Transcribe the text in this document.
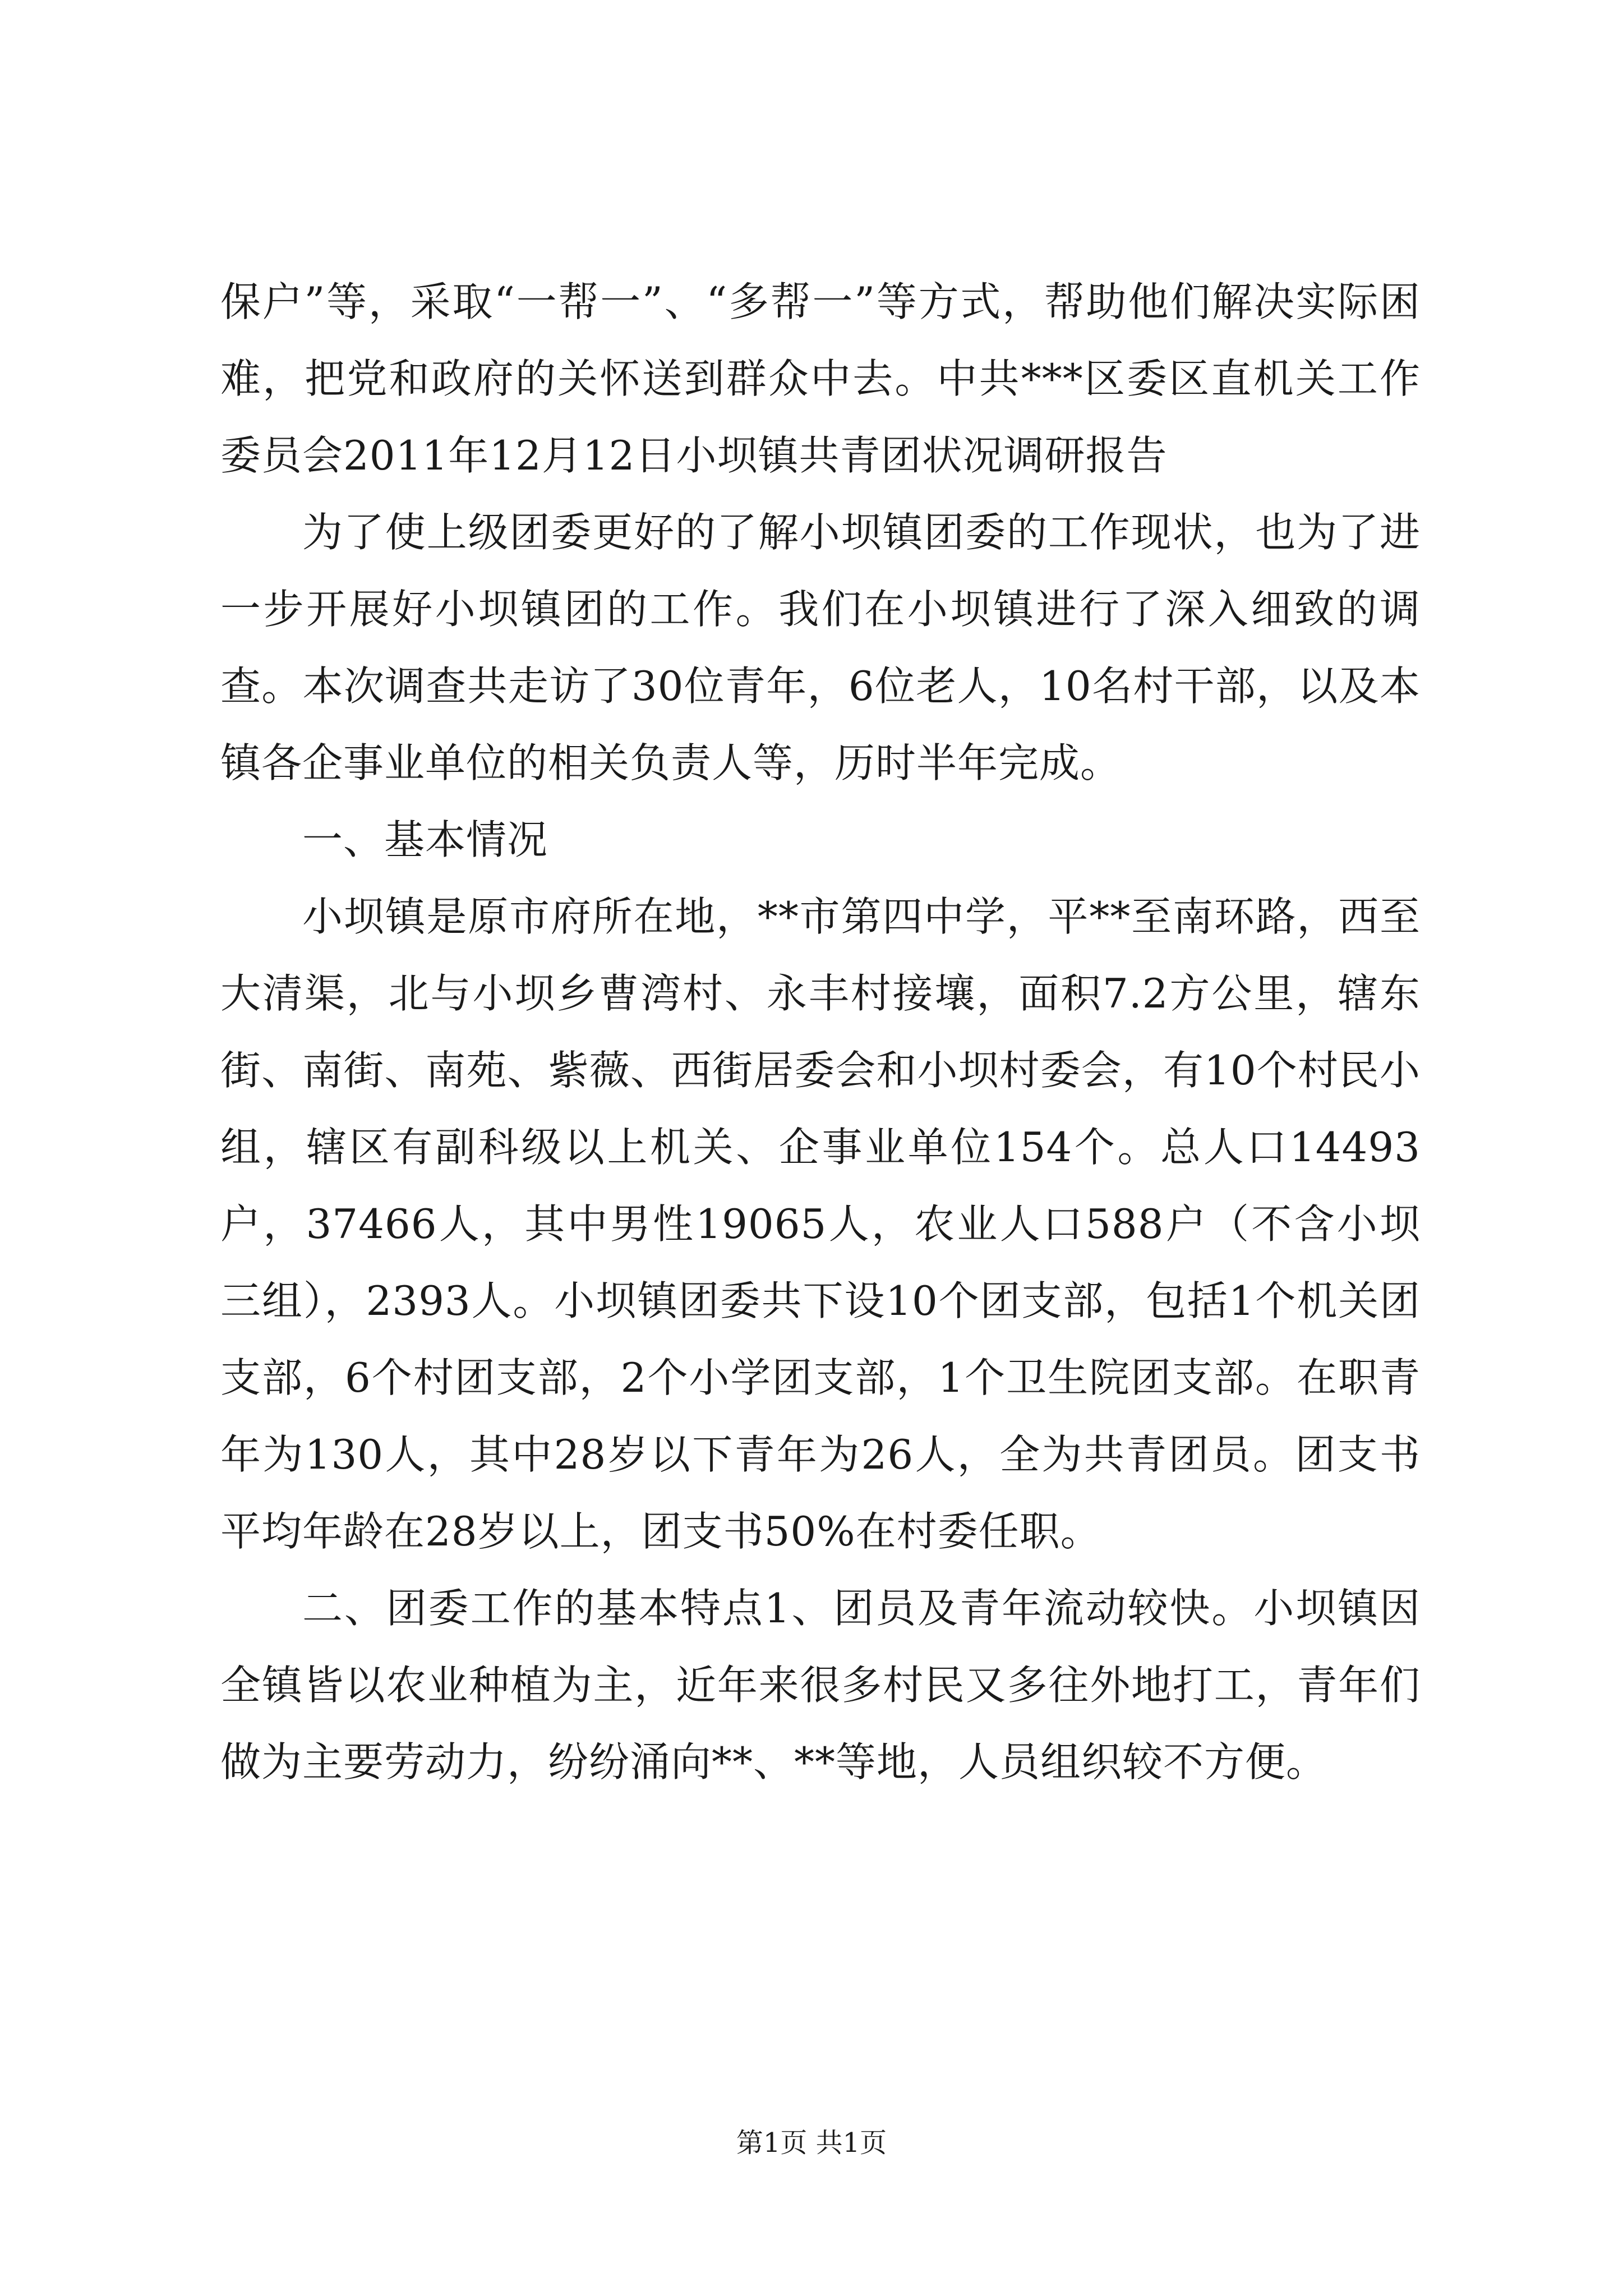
保户”等，采取“一帮一”、“多帮一”等方式，帮助他们解决实际困难，把党和政府的关怀送到群众中去。中共***区委区直机关工作委员会2011年12月12日小坝镇共青团状况调研报告

为了使上级团委更好的了解小坝镇团委的工作现状，也为了进一步开展好小坝镇团的工作。我们在小坝镇进行了深入细致的调查。本次调查共走访了30位青年，6位老人，10名村干部，以及本镇各企事业单位的相关负责人等，历时半年完成。

一、基本情况

小坝镇是原市府所在地，**市第四中学，平**至南环路，西至大清渠，北与小坝乡曹湾村、永丰村接壤，面积7.2方公里，辖东街、南街、南苑、紫薇、西街居委会和小坝村委会，有10个村民小组，辖区有副科级以上机关、企事业单位154个。总人口14493户，37466人，其中男性19065人，农业人口588户（不含小坝三组），2393人。小坝镇团委共下设10个团支部，包括1个机关团支部，6个村团支部，2个小学团支部，1个卫生院团支部。在职青年为130人，其中28岁以下青年为26人，全为共青团员。团支书平均年龄在28岁以上，团支书50%在村委任职。

二、团委工作的基本特点1、团员及青年流动较快。小坝镇因全镇皆以农业种植为主，近年来很多村民又多往外地打工，青年们做为主要劳动力，纷纷涌向**、**等地，人员组织较不方便。

第1页 共1页
